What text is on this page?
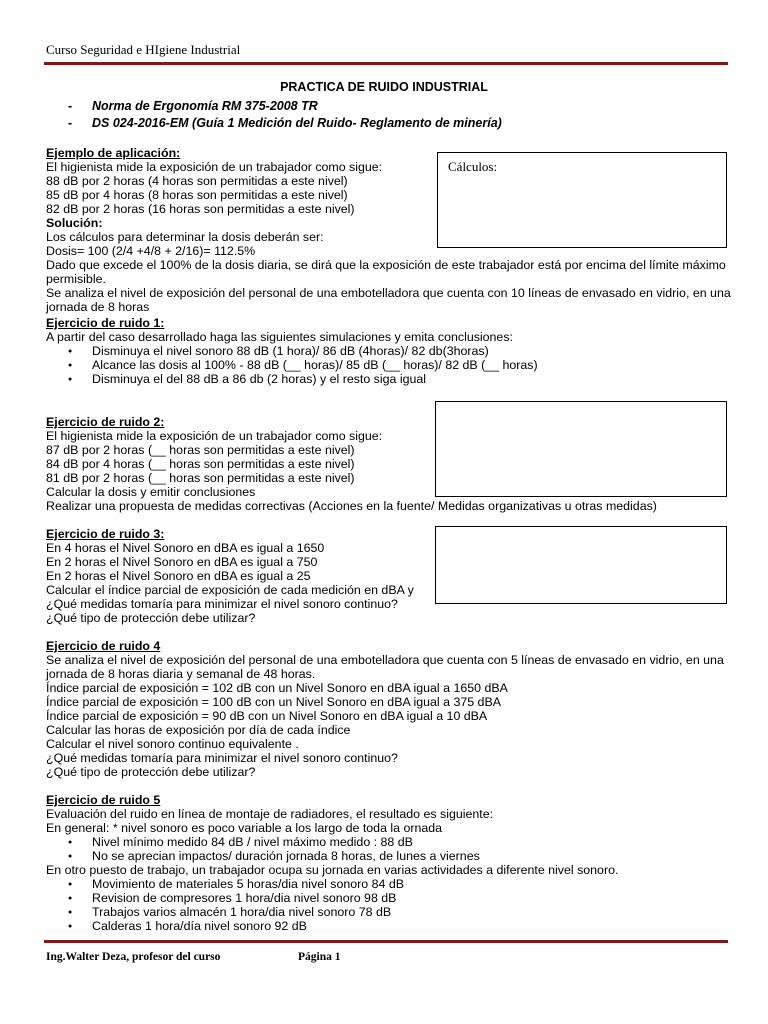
Curso Seguridad e HIgiene Industrial
PRACTICA DE RUIDO INDUSTRIAL
- Norma de Ergonomía RM 375-2008 TR
- DS 024-2016-EM (Guía 1 Medición del Ruido- Reglamento de minería)
Ejemplo de aplicación:
El higienista mide la exposición de un trabajador como sigue:
88 dB por 2 horas (4 horas son permitidas a este nivel)
85 dB por 4 horas (8 horas son permitidas a este nivel)
82 dB por 2 horas (16 horas son permitidas a este nivel)
Solución:
Los cálculos para determinar la dosis deberán ser:
Dosis= 100 (2/4 +4/8 + 2/16)= 112.5%
Dado que excede el 100% de la dosis diaria, se dirá que la exposición de este trabajador está por encima del límite máximo permisible.
Se analiza el nivel de exposición del personal de una embotelladora que cuenta con 10 líneas de envasado en vidrio, en una jornada de 8 horas
Cálculos:
Ejercicio de ruido 1:
A partir del caso desarrollado haga las siguientes simulaciones y emita conclusiones:
● Disminuya el nivel sonoro 88 dB (1 hora)/ 86 dB (4horas)/ 82 db(3horas)
● Alcance las dosis al 100% - 88 dB (__ horas)/ 85 dB (__ horas)/ 82 dB (__ horas)
● Disminuya el del 88 dB a 86 db (2 horas) y el resto siga igual
Ejercicio de ruido 2:
El higienista mide la exposición de un trabajador como sigue:
87 dB por 2 horas (__ horas son permitidas a este nivel)
84 dB por 4 horas (__ horas son permitidas a este nivel)
81 dB por 2 horas (__ horas son permitidas a este nivel)
Calcular la dosis y emitir conclusiones
Realizar una propuesta de medidas correctivas (Acciones en la fuente/ Medidas organizativas u otras medidas)
Ejercicio de ruido 3:
En 4 horas el Nivel Sonoro en dBA es igual a 1650
En 2 horas el Nivel Sonoro en dBA es igual a 750
En 2 horas el Nivel Sonoro en dBA es igual a 25
Calcular el índice parcial de exposición de cada medición en dBA y
¿Qué medidas tomaría para minimizar el nivel sonoro continuo?
¿Qué tipo de protección debe utilizar?
Ejercicio de ruido 4
Se analiza el nivel de exposición del personal de una embotelladora que cuenta con 5 líneas de envasado en vidrio, en una jornada de 8 horas diaria y semanal de 48 horas.
Índice parcial de exposición = 102 dB con un Nivel Sonoro en dBA igual a 1650 dBA
Índice parcial de exposición = 100 dB con un Nivel Sonoro en dBA igual a 375 dBA
Índice parcial de exposición = 90 dB con un Nivel Sonoro en dBA igual a 10 dBA
Calcular las horas de exposición por día de cada índice
Calcular el nivel sonoro continuo equivalente .
¿Qué medidas tomaría para minimizar el nivel sonoro continuo?
¿Qué tipo de protección debe utilizar?
Ejercicio de ruido 5
Evaluación del ruido en línea de montaje de radiadores, el resultado es siguiente:
En general: * nivel sonoro es poco variable a los largo de toda la ornada
● Nivel mínimo medido 84 dB / nivel máximo medido : 88 dB
● No se aprecian impactos/ duración jornada 8 horas, de lunes a viernes
En otro puesto de trabajo, un trabajador ocupa su jornada en varias actividades a diferente nivel sonoro.
● Movimiento de materiales 5 horas/dia nivel sonoro 84 dB
● Revision de compresores 1 hora/dia nivel sonoro 98 dB
● Trabajos varios almacén 1 hora/dia nivel sonoro 78 dB
● Calderas 1 hora/día nivel sonoro 92 dB
Ing.Walter Deza, profesor del curso	Página 1
